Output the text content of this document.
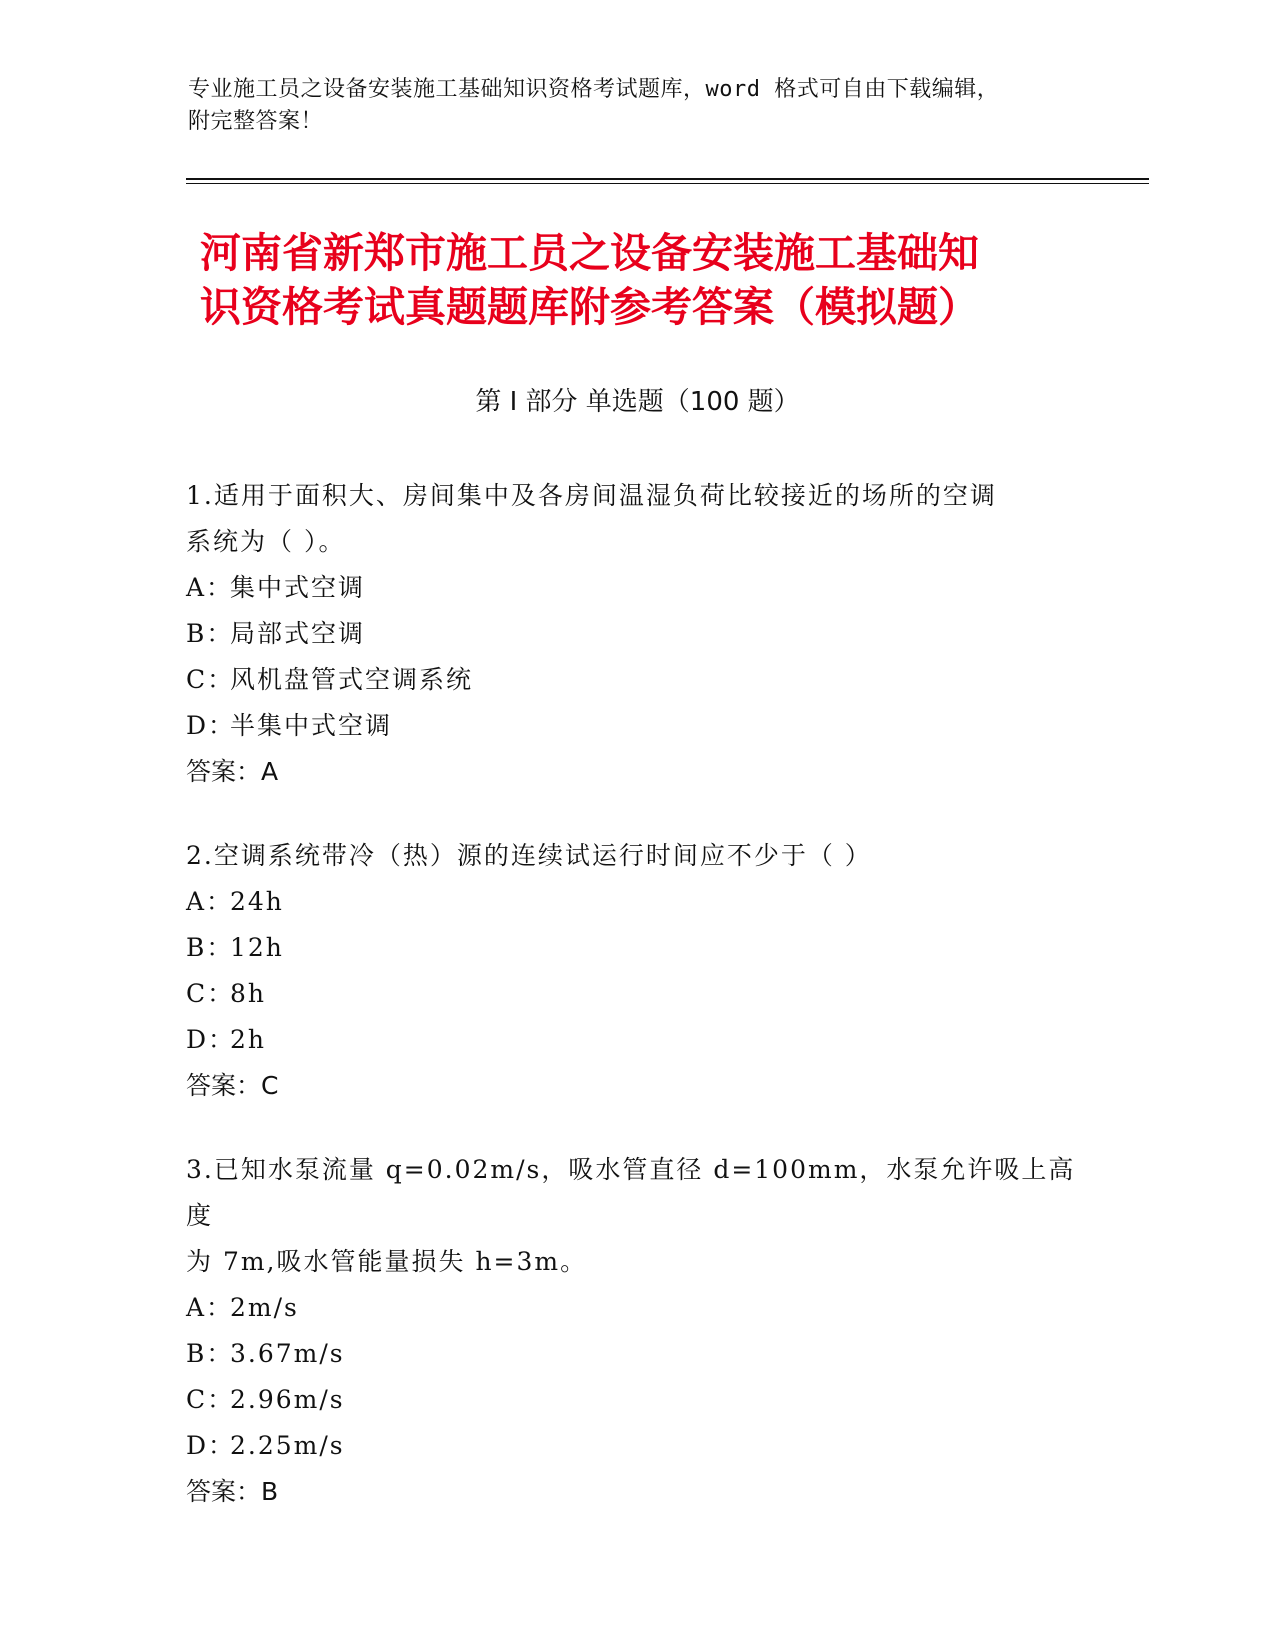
专业施工员之设备安装施工基础知识资格考试题库，word 格式可自由下载编辑，
附完整答案！
河南省新郑市施工员之设备安装施工基础知
识资格考试真题题库附参考答案（模拟题）
第 I 部分 单选题（100 题）
1.适用于面积大、房间集中及各房间温湿负荷比较接近的场所的空调
系统为（ ）。
A：集中式空调
B：局部式空调
C：风机盘管式空调系统
D：半集中式空调
答案：A
2.空调系统带冷（热）源的连续试运行时间应不少于（ ）
A：24h
B：12h
C：8h
D：2h
答案：C
3.已知水泵流量 q=0.02m/s，吸水管直径 d=100mm，水泵允许吸上高度
为 7m,吸水管能量损失 h=3m。
A：2m/s
B：3.67m/s
C：2.96m/s
D：2.25m/s
答案：B
